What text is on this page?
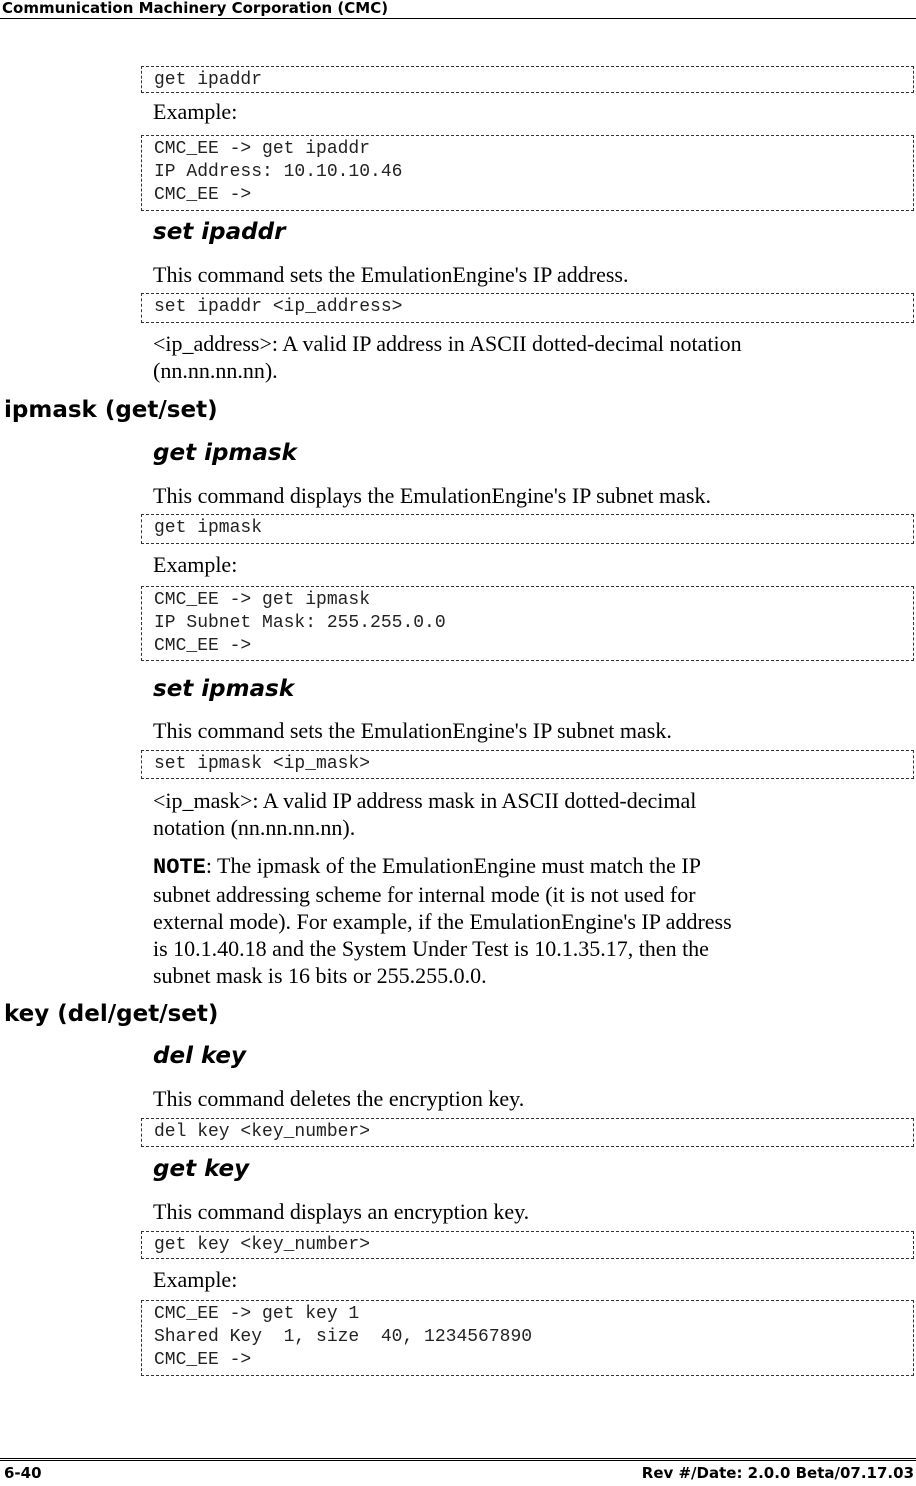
Communication Machinery Corporation (CMC)
get ipaddr
Example:
CMC_EE -> get ipaddr
IP Address: 10.10.10.46
CMC_EE ->
set ipaddr
This command sets the EmulationEngine's IP address.
set ipaddr <ip_address>
<ip_address>: A valid IP address in ASCII dotted-decimal notation
(nn.nn.nn.nn).
ipmask (get/set)
get ipmask
This command displays the EmulationEngine's IP subnet mask.
get ipmask
Example:
CMC_EE -> get ipmask
IP Subnet Mask: 255.255.0.0
CMC_EE ->
set ipmask
This command sets the EmulationEngine's IP subnet mask.
set ipmask <ip_mask>
<ip_mask>: A valid IP address mask in ASCII dotted-decimal
notation (nn.nn.nn.nn).
NOTE: The ipmask of the EmulationEngine must match the IP
subnet addressing scheme for internal mode (it is not used for
external mode). For example, if the EmulationEngine's IP address
is 10.1.40.18 and the System Under Test is 10.1.35.17, then the
subnet mask is 16 bits or 255.255.0.0.
key (del/get/set)
del key
This command deletes the encryption key.
del key <key_number>
get key
This command displays an encryption key.
get key <key_number>
Example:
CMC_EE -> get key 1
Shared Key  1, size  40, 1234567890
CMC_EE ->
6-40	Rev #/Date: 2.0.0 Beta/07.17.03
